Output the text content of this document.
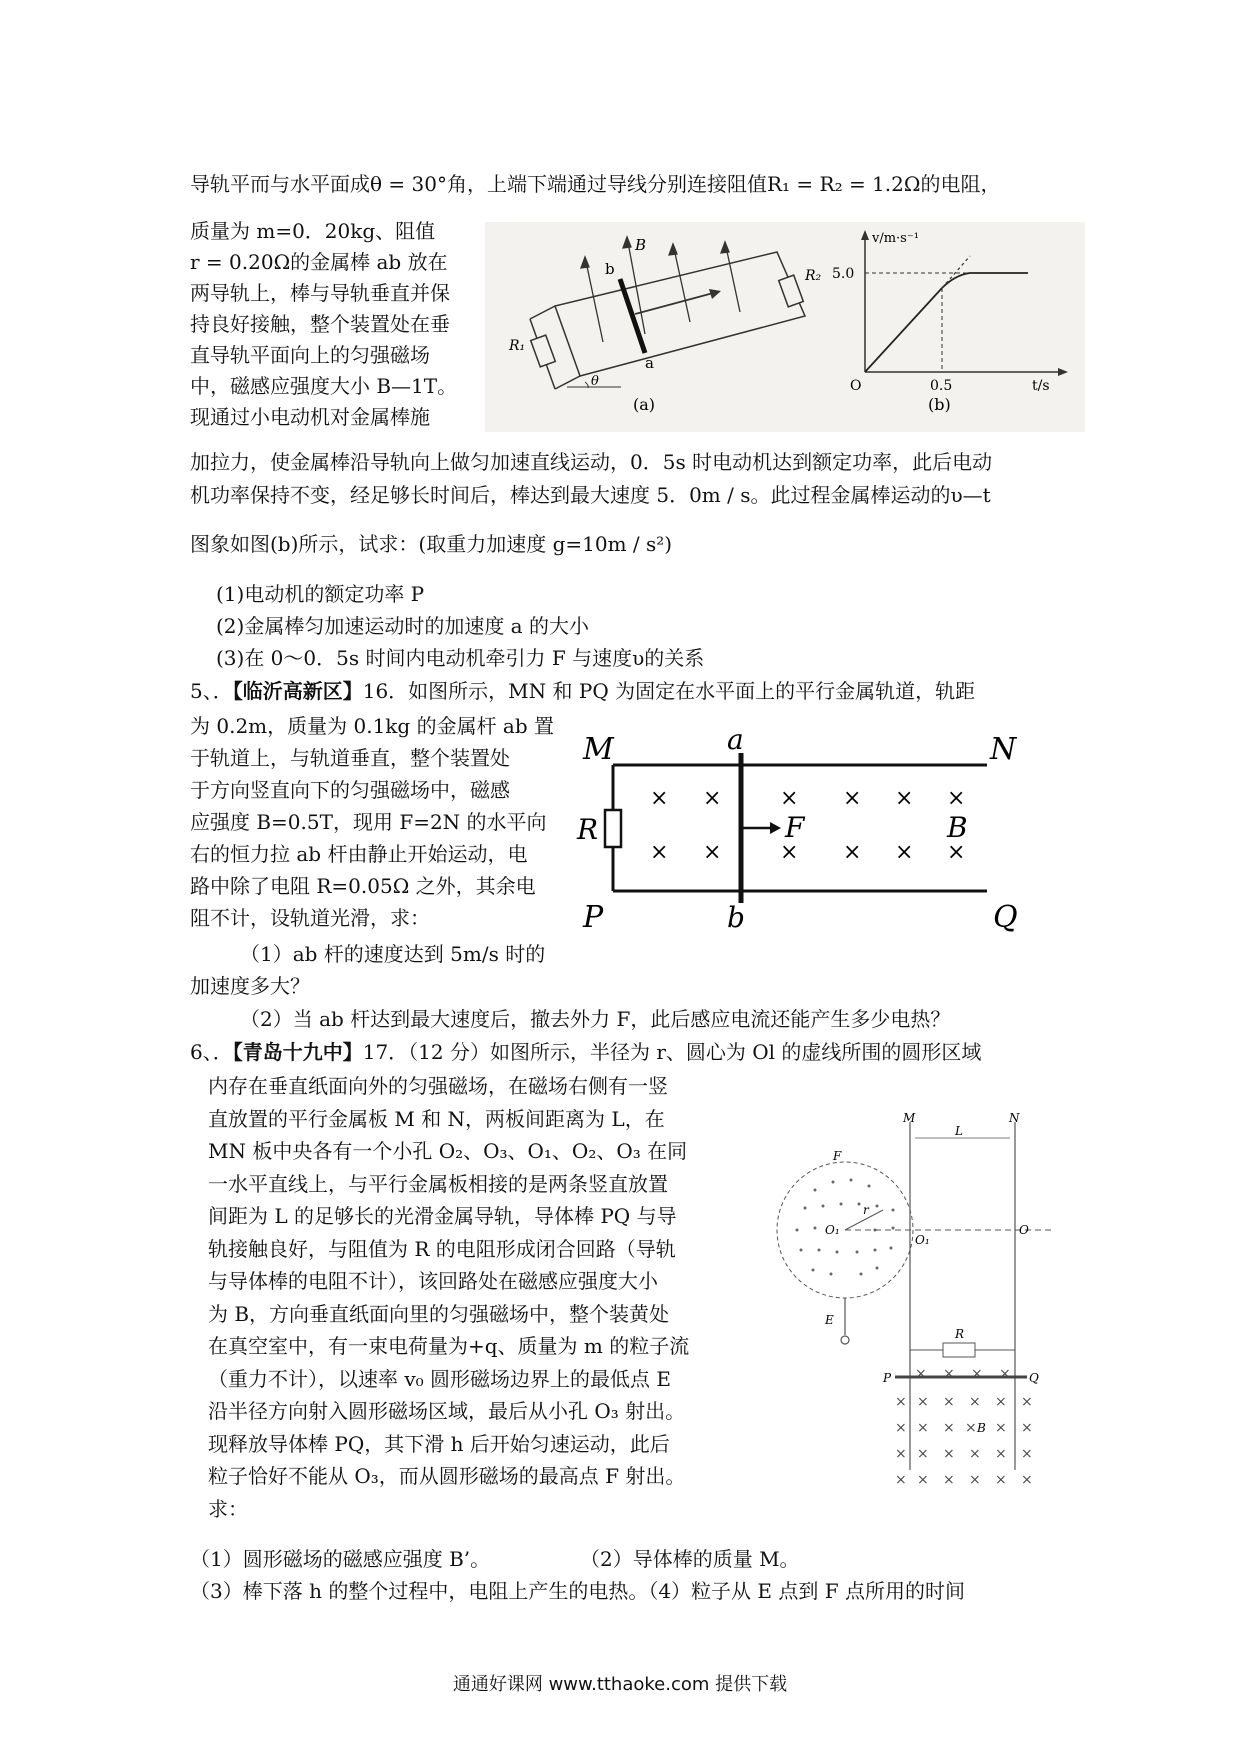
导轨平而与水平面成θ = 30°角，上端下端通过导线分别连接阻值R₁ = R₂ = 1.2Ω的电阻，
质量为 m=0．20kg、阻值
r = 0.20Ω的金属棒 ab 放在
两导轨上，棒与导轨垂直并保
持良好接触，整个装置处在垂
直导轨平面向上的匀强磁场
中，磁感应强度大小 B—1T。
现通过小电动机对金属棒施
B
b
a
R₁
R₂
θ
(a)
v/m·s⁻¹
t/s
5.0
0.5
O
(b)
加拉力，使金属棒沿导轨向上做匀加速直线运动，0．5s 时电动机达到额定功率，此后电动
机功率保持不变，经足够长时间后，棒达到最大速度 5．0m / s。此过程金属棒运动的υ—t
图象如图(b)所示，试求：(取重力加速度 g=10m / s²)
(1)电动机的额定功率 P
(2)金属棒匀加速运动时的加速度 a 的大小
(3)在 0～0．5s 时间内电动机牵引力 F 与速度υ的关系
5、．【临沂高新区】16．如图所示，MN 和 PQ 为固定在水平面上的平行金属轨道，轨距
为 0.2m，质量为 0.1kg 的金属杆 ab 置
于轨道上，与轨道垂直，整个装置处
于方向竖直向下的匀强磁场中，磁感
应强度 B=0.5T，现用 F=2N 的水平向
右的恒力拉 ab 杆由静止开始运动，电
路中除了电阻 R=0.05Ω 之外，其余电
阻不计，设轨道光滑，求：
M	a	N
P	b	Q
R	F	B
× ×	× × × ×
× ×	× × × ×
（1）ab 杆的速度达到 5m/s 时的
加速度多大？
（2）当 ab 杆达到最大速度后，撤去外力 F，此后感应电流还能产生多少电热？
6、．【青岛十九中】17．（12 分）如图所示，半径为 r、圆心为 Ol 的虚线所围的圆形区域
内存在垂直纸面向外的匀强磁场，在磁场右侧有一竖
直放置的平行金属板 M 和 N，两板间距离为 L，在
MN 板中央各有一个小孔 O₂、O₃、O₁、O₂、O₃ 在同
一水平直线上，与平行金属板相接的是两条竖直放置
间距为 L 的足够长的光滑金属导轨，导体棒 PQ 与导
轨接触良好，与阻值为 R 的电阻形成闭合回路（导轨
与导体棒的电阻不计），该回路处在磁感应强度大小
为 B，方向垂直纸面向里的匀强磁场中，整个装黄处
在真空室中，有一束电荷量为+q、质量为 m 的粒子流
（重力不计），以速率 v₀ 圆形磁场边界上的最低点 E
沿半径方向射入圆形磁场区域，最后从小孔 O₃ 射出。
现释放导体棒 PQ，其下滑 h 后开始匀速运动，此后
粒子恰好不能从 O₃，而从圆形磁场的最高点 F 射出。
求：
M	N
L
F
E
O₁
O₁
O
r
R
P	Q
B
× × × ×
× × × × × ×
× × × × × ×
× × × × × ×
× × × × × ×
（1）圆形磁场的磁感应强度 B’。	（2）导体棒的质量 M。
（3）棒下落 h 的整个过程中，电阻上产生的电热。（4）粒子从 E 点到 F 点所用的时间
通通好课网 www.tthaoke.com 提供下载
